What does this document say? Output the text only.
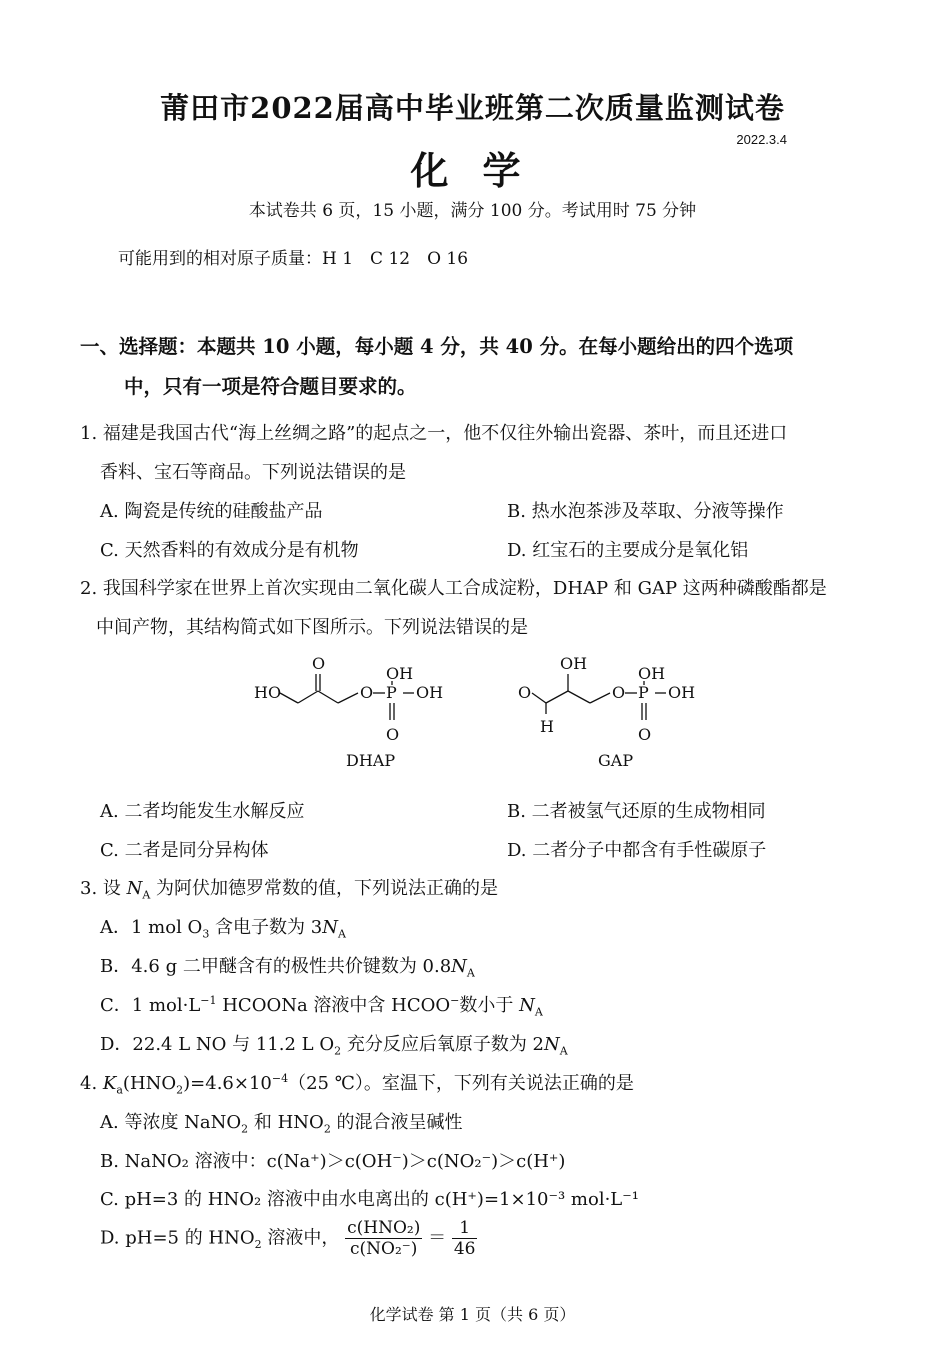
莆田市2022届高中毕业班第二次质量监测试卷
2022.3.4
化学
本试卷共 6 页，15 小题，满分 100 分。考试用时 75 分钟
可能用到的相对原子质量：H 1　C 12　O 16
一、选择题：本题共 10 小题，每小题 4 分，共 40 分。在每小题给出的四个选项
中，只有一项是符合题目要求的。
1. 福建是我国古代“海上丝绸之路”的起点之一，他不仅往外输出瓷器、茶叶，而且还进口
香料、宝石等商品。下列说法错误的是
A. 陶瓷是传统的硅酸盐产品	B. 热水泡茶涉及萃取、分液等操作
C. 天然香料的有效成分是有机物	D. 红宝石的主要成分是氧化铝
2. 我国科学家在世界上首次实现由二氧化碳人工合成淀粉，DHAP 和 GAP 这两种磷酸酯都是
中间产物，其结构简式如下图所示。下列说法错误的是
HO
O
O
OH
P OH
O
DHAP
O
H
OH
O
OH
P OH
O
GAP
A. 二者均能发生水解反应	B. 二者被氢气还原的生成物相同
C. 二者是同分异构体	D. 二者分子中都含有手性碳原子
3. 设 $N_A$ 为阿伏加德罗常数的值，下列说法正确的是
A．1 mol $O_3$ 含电子数为 $3N_A$
B．4.6 g 二甲醚含有的极性共价键数为 $0.8N_A$
C．1 $mol\cdot L^{-1}$ HCOONa 溶液中含 HCOO−数小于 $N_A$
D．22.4 L NO 与 11.2 L $O_2$ 充分反应后氧原子数为 $2N_A$
4. $K_a(HNO_2)=4.6\times 10^{-4}(25$ ℃）。室温下，下列有关说法正确的是
A. 等浓度 NaNO$_2$ 和 $HNO_2$ 的混合液呈碱性
B. NaNO₂ 溶液中：c(Na⁺)＞c(OH⁻)＞c(NO₂⁻)＞c(H⁺)
C. pH=3 的 HNO₂ 溶液中由水电离出的 c(H⁺)=1×10⁻³ mol·L⁻¹
D. pH=5 的 $HNO_2$ 溶液中， $\frac{\text{c(HNO₂)}}{\text{c(NO₂⁻)}} = \frac{1}{46}$
化学试卷 第 1 页（共 6 页）
